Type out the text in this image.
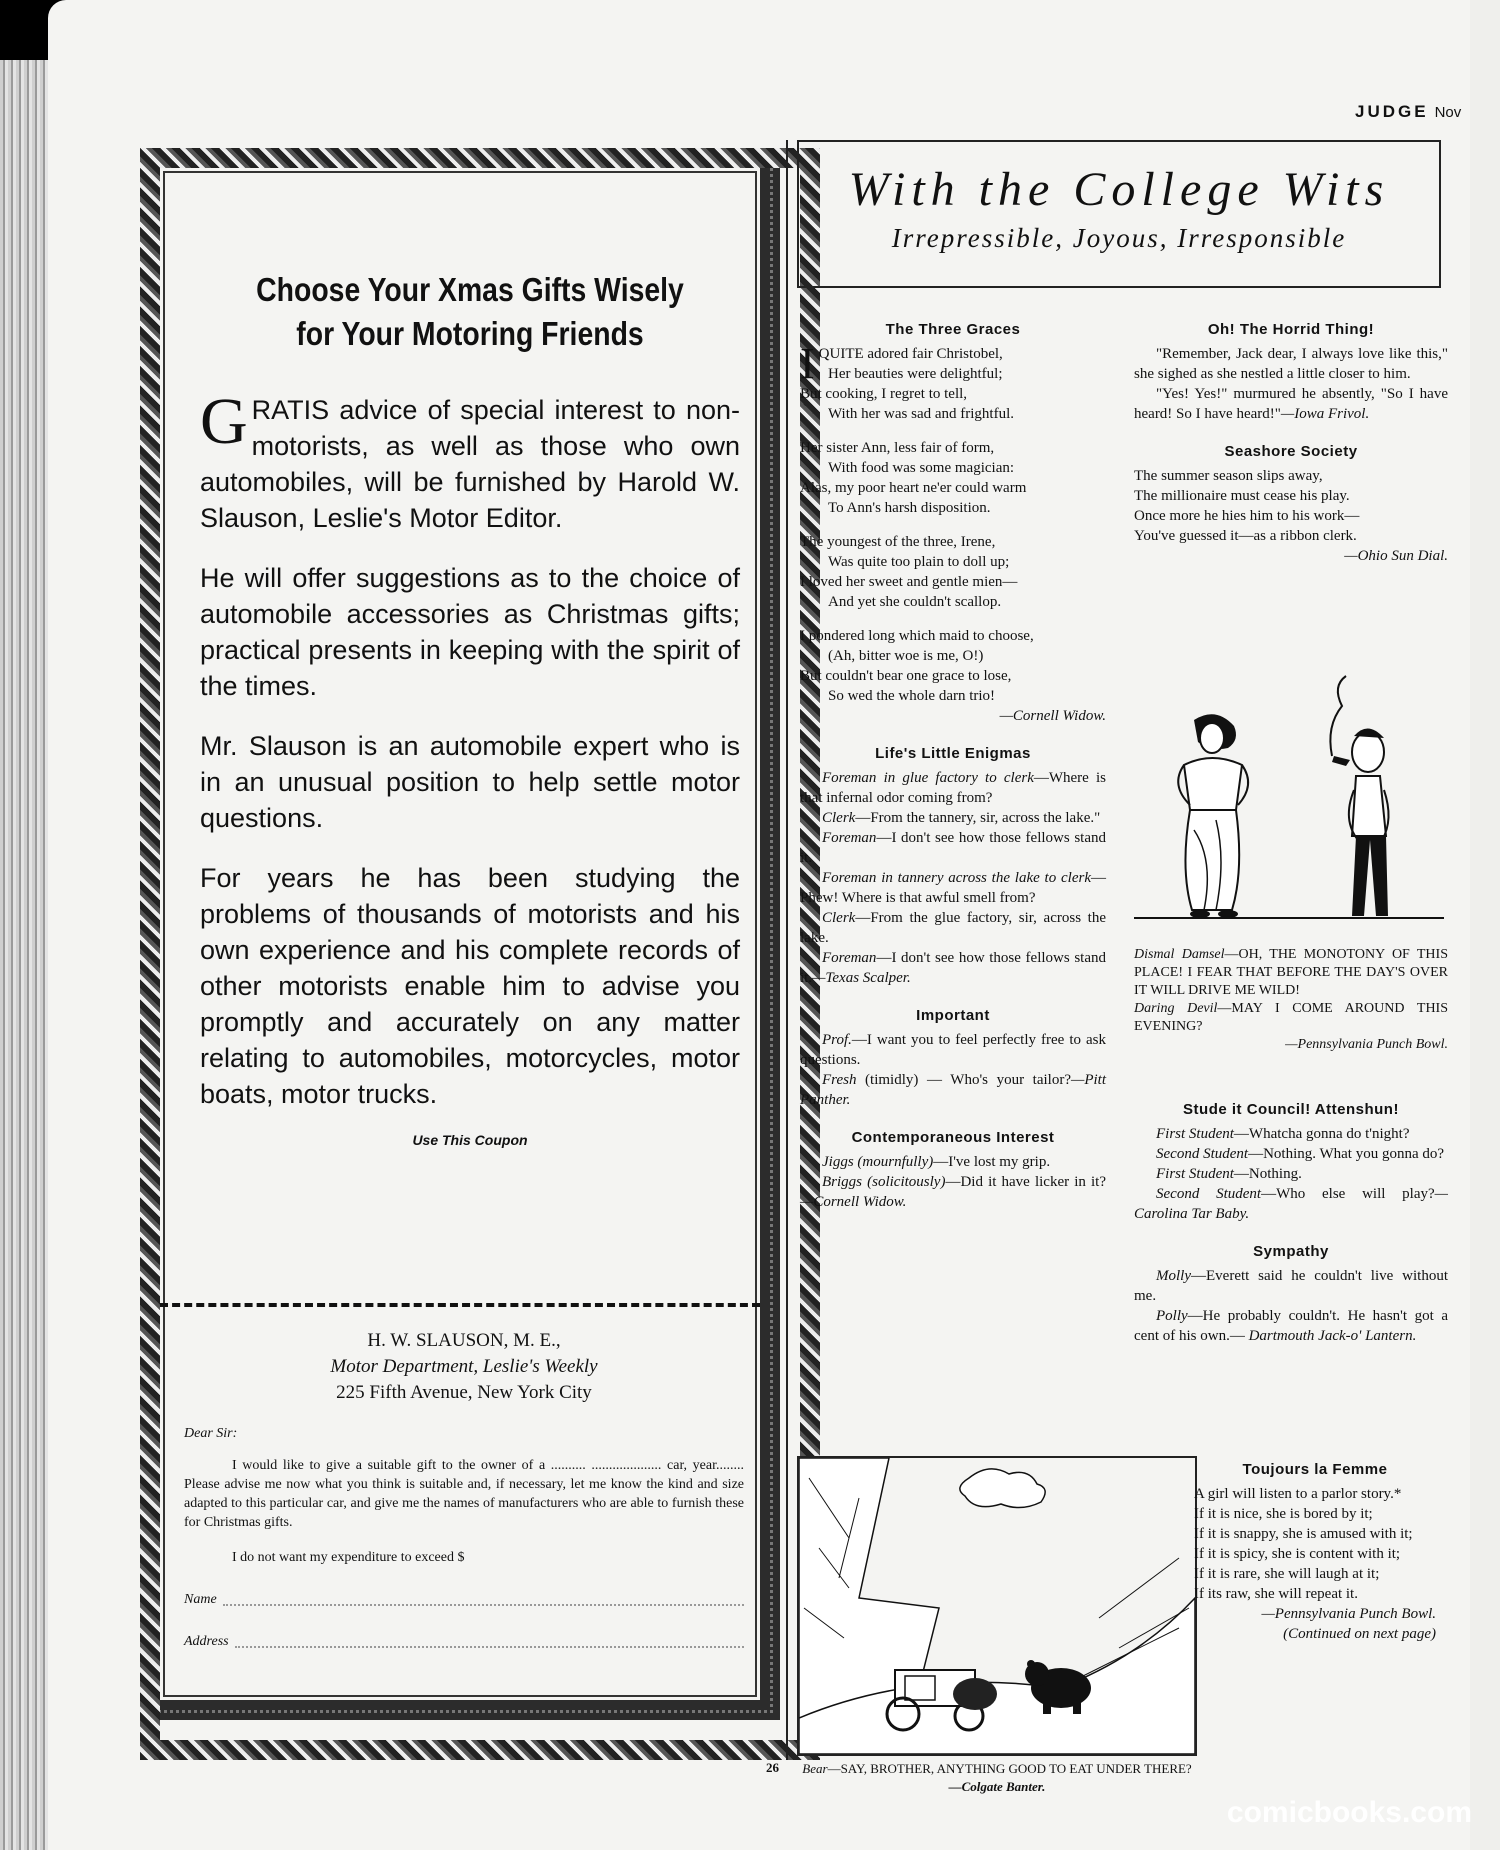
JUDGE Nov
Choose Your Xmas Gifts Wisely
for Your Motoring Friends

GRATIS advice of special interest to non-motorists, as well as those who own automobiles, will be furnished by Harold W. Slauson, Leslie's Motor Editor.

He will offer suggestions as to the choice of automobile accessories as Christmas gifts; practical presents in keeping with the spirit of the times.

Mr. Slauson is an automobile expert who is in an unusual position to help settle motor questions.

For years he has been studying the problems of thousands of motorists and his own experience and his complete records of other motorists enable him to advise you promptly and accurately on any matter relating to automobiles, motorcycles, motor boats, motor trucks.

Use This Coupon
H. W. SLAUSON, M. E.,
Motor Department, Leslie's Weekly
225 Fifth Avenue, New York City
Dear Sir:
I would like to give a suitable gift to the owner of a .......... .................... car, year........ Please advise me now what you think is suitable and, if necessary, let me know the kind and size adapted to this particular car, and give me the names of manufacturers who are able to furnish these for Christmas gifts.
I do not want my expenditure to exceed $
Name
Address
With the College Wits
Irrepressible, Joyous, Irresponsible
The Three Graces
I QUITE adored fair Christobel,

Her beauties were delightful;

But cooking, I regret to tell,

With her was sad and frightful.

Her sister Ann, less fair of form,

With food was some magician:

Alas, my poor heart ne'er could warm

To Ann's harsh disposition.

The youngest of the three, Irene,

Was quite too plain to doll up;

I loved her sweet and gentle mien—

And yet she couldn't scallop.

I pondered long which maid to choose,

(Ah, bitter woe is me, O!)

But couldn't bear one grace to lose,

So wed the whole darn trio!

—Cornell Widow.
Life's Little Enigmas

Foreman in glue factory to clerk—Where is that infernal odor coming from?

Clerk—From the tannery, sir, across the lake."

Foreman—I don't see how those fellows stand it.

Foreman in tannery across the lake to clerk—Phew! Where is that awful smell from?

Clerk—From the glue factory, sir, across the lake.

Foreman—I don't see how those fellows stand it.—Texas Scalper.

Important

Prof.—I want you to feel perfectly free to ask questions.

Fresh (timidly) — Who's your tailor?—Pitt Panther.

Contemporaneous Interest

Jiggs (mournfully)—I've lost my grip.

Briggs (solicitously)—Did it have licker in it?—Cornell Widow.

Oh! The Horrid Thing!

"Remember, Jack dear, I always love like this," she sighed as she nestled a little closer to him.

"Yes! Yes!" murmured he absently, "So I have heard! So I have heard!"—Iowa Frivol.

Seashore Society

The summer season slips away,

The millionaire must cease his play.

Once more he hies him to his work—

You've guessed it—as a ribbon clerk.

—Ohio Sun Dial.
Dismal Damsel—OH, THE MONOTONY OF THIS PLACE! I FEAR THAT BEFORE THE DAY'S OVER IT WILL DRIVE ME WILD!
Daring Devil—MAY I COME AROUND THIS EVENING?
—Pennsylvania Punch Bowl.
Stude it Council! Attenshun!

First Student—Whatcha gonna do t'night?

Second Student—Nothing. What you gonna do?

First Student—Nothing.

Second Student—Who else will play?—Carolina Tar Baby.

Sympathy

Molly—Everett said he couldn't live without me.

Polly—He probably couldn't. He hasn't got a cent of his own.— Dartmouth Jack-o' Lantern.

Bear—SAY, BROTHER, ANYTHING GOOD TO EAT UNDER THERE?—Colgate Banter.
Toujours la Femme

A girl will listen to a parlor story.*

If it is nice, she is bored by it;

If it is snappy, she is amused with it;

If it is spicy, she is content with it;

If it is rare, she will laugh at it;

If its raw, she will repeat it.

—Pennsylvania Punch Bowl.
(Continued on next page)
26
comicbooks.com
